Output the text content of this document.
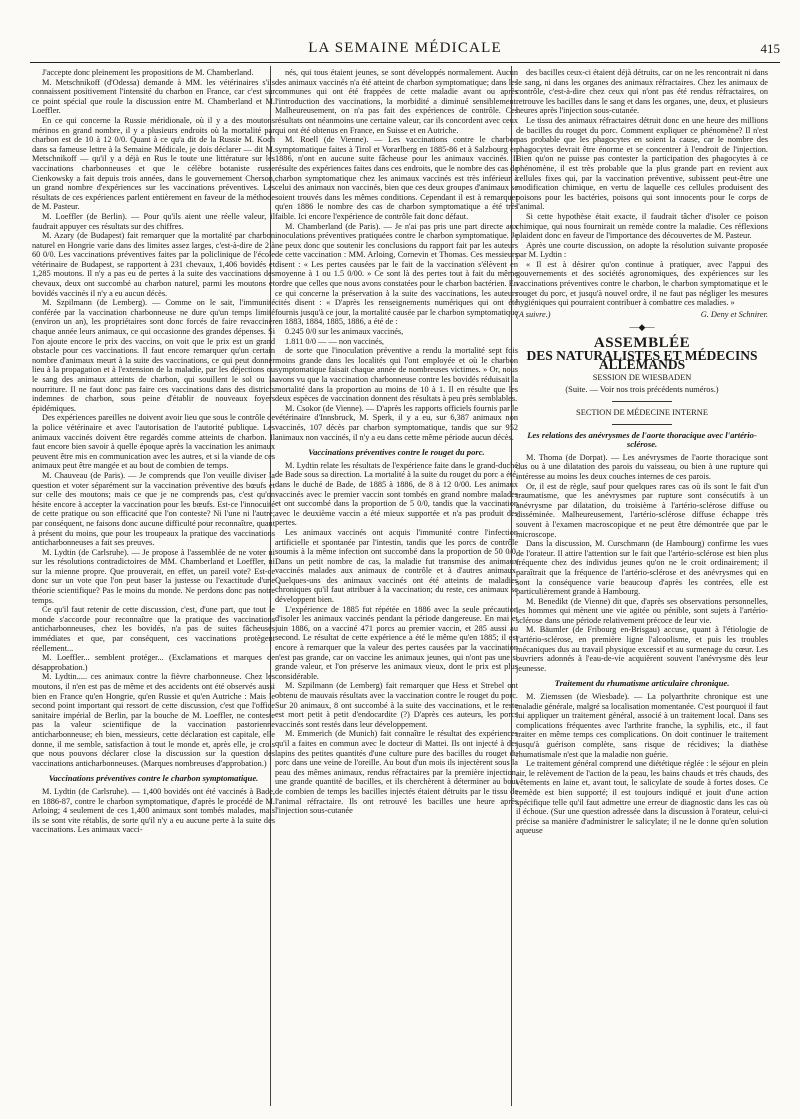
LA SEMAINE MÉDICALE	415

J'accepte donc pleinement les propositions de M. Chamberland.

M. Metschnikoff (d'Odessa) demande à MM. les vétérinaires s'ils connaissent positivement l'intensité du charbon en France, car c'est sur ce point spécial que roule la discussion entre M. Chamberland et M. Loeffler.

En ce qui concerne la Russie méridionale, où il y a des moutons mérinos en grand nombre, il y a plusieurs endroits où la mortalité par charbon est de 10 à 12 0/0. Quant à ce qu'a dit de la Russie M. Koch dans sa fameuse lettre à la Semaine Médicale, je dois déclarer — dit M. Metschnikoff — qu'il y a déjà en Rus le toute une littérature sur les vaccinations charbonneuses et que le célèbre botaniste russe Cienkowsky a fait depuis trois années, dans le gouvernement Cherson, un grand nombre d'expériences sur les vaccinations préventives. Les résultats de ces expériences parlent entièrement en faveur de la méthode de M. Pasteur.

M. Loeffler (de Berlin). — Pour qu'ils aient une réelle valeur, il faudrait appuyer ces résultats sur des chiffres.

M. Azary (de Budapest) fait remarquer que la mortalité par charbon naturel en Hongrie varie dans des limites assez larges, c'est-à-dire de 2 à 60 0/0. Les vaccinations préventives faites par la policlinique de l'école vétérinaire de Budapest, se rapportent à 231 chevaux, 1,406 bovidés et 1,285 moutons. Il n'y a pas eu de pertes à la suite des vaccinations des chevaux, deux ont succombé au charbon naturel, parmi les moutons et bovidés vaccinés il n'y a eu aucun décès.

M. Szpilmann (de Lemberg). — Comme on le sait, l'immunité conférée par la vaccination charbonneuse ne dure qu'un temps limité (environ un an), les propriétaires sont donc forcés de faire revacciner chaque année leurs animaux, ce qui occasionne des grandes dépenses. Si l'on ajoute encore le prix des vaccins, on voit que le prix est un grand obstacle pour ces vaccinations. Il faut encore remarquer qu'un certain nombre d'animaux meurt à la suite des vaccinations, ce qui peut donner lieu à la propagation et à l'extension de la maladie, par les déjections ou le sang des animaux atteints de charbon, qui souillent le sol ou la nourriture. Il ne faut donc pas faire ces vaccinations dans des districts indemnes de charbon, sous peine d'établir de nouveaux foyers épidémiques.

Des expériences pareilles ne doivent avoir lieu que sous le contrôle de la police vétérinaire et avec l'autorisation de l'autorité publique. Les animaux vaccinés doivent être regardés comme atteints de charbon. Il faut encore bien savoir à quelle époque après la vaccination les animaux peuvent être mis en communication avec les autres, et si la viande de ces animaux peut être mangée et au bout de combien de temps.

M. Chauveau (de Paris). — Je comprends que l'on veuille diviser la question et voter séparément sur la vaccination préventive des bœufs et sur celle des moutons; mais ce que je ne comprends pas, c'est qu'on hésite encore à accepter la vaccination pour les bœufs. Est-ce l'innocuité de cette pratique ou son efficacité que l'on conteste? Ni l'une ni l'autre; par conséquent, ne faisons donc aucune difficulté pour reconnaître, quant à présent du moins, que pour les troupeaux la pratique des vaccinations anticharbonneuses a fait ses preuves.

M. Lydtin (de Carlsruhe). — Je propose à l'assemblée de ne voter ni sur les résolutions contradictoires de MM. Chamberland et Loeffler, ni sur la mienne propre. Que prouverait, en effet, un pareil vote? Est-ce donc sur un vote que l'on peut baser la justesse ou l'exactitude d'une théorie scientifique? Pas le moins du monde. Ne perdons donc pas notre temps.

Ce qu'il faut retenir de cette discussion, c'est, d'une part, que tout le monde s'accorde pour reconnaître que la pratique des vaccinations anticharbonneuses, chez les bovidés, n'a pas de suites fâcheuses immédiates et que, par conséquent, ces vaccinations protègent réellement...

M. Loeffler... semblent protéger... (Exclamations et marques de désapprobation.)

M. Lydtin..... ces animaux contre la fièvre charbonneuse. Chez les moutons, il n'en est pas de même et des accidents ont été observés aussi bien en France qu'en Hongrie, qu'en Russie et qu'en Autriche : Mais le second point important qui ressort de cette discussion, c'est que l'office sanitaire impérial de Berlin, par la bouche de M. Loeffler, ne conteste pas la valeur scientifique de la vaccination pastorienne anticharbonneuse; eh bien, messieurs, cette déclaration est capitale, elle donne, il me semble, satisfaction à tout le monde et, après elle, je crois que nous pouvons déclarer close la discussion sur la question des vaccinations anticharbonneuses. (Marques nombreuses d'approbation.)

Vaccinations préventives contre le charbon symptomatique.

M. Lydtin (de Carlsruhe). — 1,400 bovidés ont été vaccinés à Bade, en 1886-87, contre le charbon symptomatique, d'après le procédé de M. Arloing; 4 seulement de ces 1,400 animaux sont tombés malades, mais ils se sont vite rétablis, de sorte qu'il n'y a eu aucune perte à la suite des vaccinations. Les animaux vacci-

nés, qui tous étaient jeunes, se sont développés normalement. Aucun des animaux vaccinés n'a été atteint de charbon symptomatique; dans les communes qui ont été frappées de cette maladie avant ou après l'introduction des vaccinations, la morbidité a diminué sensiblement. Malheureusement, on n'a pas fait des expériences de contrôle. Ces résultats ont néanmoins une certaine valeur, car ils concordent avec ceux qui ont été obtenus en France, en Suisse et en Autriche.

M. Roell (de Vienne). — Les vaccinations contre le charbon symptomatique faites à Tirol et Vorarlberg en 1885-86 et à Salzbourg en 1886, n'ont en aucune suite fâcheuse pour les animaux vaccinés. Il résulte des expériences faites dans ces endroits, que le nombre des cas de charbon symptomatique chez les animaux vaccinés est très inférieur à celui des animaux non vaccinés, bien que ces deux groupes d'animaux se soient trouvés dans les mêmes conditions. Cependant il est à remarquer qu'en 1886 le nombre des cas de charbon symptomatique a été très faible. Ici encore l'expérience de contrôle fait donc défaut.

M. Chamberland (de Paris). — Je n'ai pas pris une part directe aux inoculations préventives pratiquées contre le charbon symptomatique. Je ne peux donc que soutenir les conclusions du rapport fait par les auteurs de cette vaccination : MM. Arloing, Cornevin et Thomas. Ces messieurs disent : « Les pertes causées par le fait de la vaccination s'élèvent en moyenne à 1 ou 1.5 0/00. » Ce sont là des pertes tout à fait du même ordre que celles que nous avons constatées pour le charbon bactérien. En ce qui concerne la préservation à la suite des vaccinations, les auteurs cités disent : « D'après les renseignements numériques qui ont été fournis jusqu'à ce jour, la mortalité causée par le charbon symptomatique en 1883, 1884, 1885, 1886, a été de :

0.245 0/0 sur les animaux vaccinés,

1.811 0/0 — — non vaccinés,

de sorte que l'inoculation préventive a rendu la mortalité sept fois moins grande dans les localités qui l'ont employée et où le charbon symptomatique faisait chaque année de nombreuses victimes. » Or, nous avons vu que la vaccination charbonneuse contre les bovidés réduisait la mortalité dans la proportion au moins de 10 à 1. Il en résulte que les deux espèces de vaccination donnent des résultats à peu près semblables.

M. Csokor (de Vienne). — D'après les rapports officiels fournis par le vétérinaire d'Innsbruck, M. Sperk, il y a eu, sur 6,387 animaux non vaccinés, 107 décès par charbon symptomatique, tandis que sur 952 animaux non vaccinés, il n'y a eu dans cette même période aucun décès.

Vaccinations préventives contre le rouget du porc.

M. Lydtin relate les résultats de l'expérience faite dans le grand-duché de Bade sous sa direction. La mortalité à la suite du rouget du porc a été, dans le duché de Bade, de 1885 à 1886, de 8 à 12 0/00. Les animaux vaccinés avec le premier vaccin sont tombés en grand nombre malades et ont succombé dans la proportion de 5 0/0, tandis que la vaccination avec le deuxième vaccin a été mieux supportée et n'a pas produit des pertes.

Les animaux vaccinés ont acquis l'immunité contre l'infection artificielle et spontanée par l'intestin, tandis que les porcs de contrôle soumis à la même infection ont succombé dans la proportion de 50 0/0. Dans un petit nombre de cas, la maladie fut transmise des animaux vaccinés malades aux animaux de contrôle et à d'autres animaux. Quelques-uns des animaux vaccinés ont été atteints de maladies chroniques qu'il faut attribuer à la vaccination; du reste, ces animaux se développent bien.

L'expérience de 1885 fut répétée en 1886 avec la seule précaution d'isoler les animaux vaccinés pendant la période dangereuse. En mai et juin 1886, on a vacciné 471 porcs au premier vaccin, et 285 aussi au second. Le résultat de cette expérience a été le même qu'en 1885; il est encore à remarquer que la valeur des pertes causées par la vaccination n'est pas grande, car on vaccine les animaux jeunes, qui n'ont pas une si grande valeur, et l'on préserve les animaux vieux, dont le prix est plus considérable.

M. Szpilmann (de Lemberg) fait remarquer que Hess et Strebel ont obtenu de mauvais résultats avec la vaccination contre le rouget du porc. Sur 20 animaux, 8 ont succombé à la suite des vaccinations, et le reste est mort petit à petit d'endocardite (?) D'après ces auteurs, les porcs vaccinés sont restés dans leur développement.

M. Emmerich (de Munich) fait connaître le résultat des expériences qu'il a faites en commun avec le docteur di Mattei. Ils ont injecté à des lapins des petites quantités d'une culture pure des bacilles du rouget du porc dans une veine de l'oreille. Au bout d'un mois ils injectèrent sous la peau des mêmes animaux, rendus réfractaires par la première injection, une grande quantité de bacilles, et ils cherchèrent à déterminer au bout de combien de temps les bacilles injectés étaient détruits par le tissu de l'animal réfractaire. Ils ont retrouvé les bacilles une heure après l'injection sous-cutanée

des bacilles ceux-ci étaient déjà détruits, car on ne les rencontrait ni dans le sang, ni dans les organes des animaux réfractaires. Chez les animaux de contrôle, c'est-à-dire chez ceux qui n'ont pas été rendus réfractaires, on retrouve les bacilles dans le sang et dans les organes, une, deux, et plusieurs heures après l'injection sous-cutanée.

Le tissu des animaux réfractaires détruit donc en une heure des millions de bacilles du rouget du porc. Comment expliquer ce phénomène? Il n'est pas probable que les phagocytes en soient la cause, car le nombre des phagocytes devrait être énorme et se concentrer à l'endroit de l'injection. Bien qu'on ne puisse pas contester la participation des phagocytes à ce phénomène, il est très probable que la plus grande part en revient aux cellules fixes qui, par la vaccination préventive, subissent peut-être une modification chimique, en vertu de laquelle ces cellules produisent des poisons pour les bactéries, poisons qui sont innocents pour le corps de l'animal.

Si cette hypothèse était exacte, il faudrait tâcher d'isoler ce poison chimique, qui nous fournirait un remède contre la maladie. Ces réflexions plaident donc en faveur de l'importance des découvertes de M. Pasteur.

Après une courte discussion, on adopte la résolution suivante proposée par M. Lydtin :

« Il est à désirer qu'on continue à pratiquer, avec l'appui des gouvernements et des sociétés agronomiques, des expériences sur les vaccinations préventives contre le charbon, le charbon symptomatique et le rouget du porc, et jusqu'à nouvel ordre, il ne faut pas négliger les mesures hygiéniques qui pourraient contribuer à combattre ces maladies. »

(A suivre.)	G. Deny et Schnirer.
—◆—
ASSEMBLÉE
DES NATURALISTES ET MÉDECINS ALLEMANDS
SESSION DE WIESBADEN
(Suite. — Voir nos trois précédents numéros.)
SECTION DE MÉDECINE INTERNE
Les relations des anévrysmes de l'aorte thoracique avec l'artério-sclérose.

M. Thoma (de Dorpat). — Les anévrysmes de l'aorte thoracique sont dus ou à une dilatation des parois du vaisseau, ou bien à une rupture qui intéresse au moins les deux couches internes de ces parois.

Or, il est de règle, sauf pour quelques rares cas où ils sont le fait d'un traumatisme, que les anévrysmes par rupture sont consécutifs à un anévrysme par dilatation, du troisième à l'artério-sclérose diffuse ou disséminée. Malheureusement, l'artério-sclérose diffuse échappe très souvent à l'examen macroscopique et ne peut être démontrée que par le microscope.

Dans la discussion, M. Curschmann (de Hambourg) confirme les vues de l'orateur. Il attire l'attention sur le fait que l'artério-sclérose est bien plus fréquente chez des individus jeunes qu'on ne le croit ordinairement; il paraîtrait que la fréquence de l'artério-sclérose et des anévrysmes qui en sont la conséquence varie beaucoup d'après les contrées, elle est particulièrement grande à Hambourg.

M. Benedikt (de Vienne) dit que, d'après ses observations personnelles, les hommes qui mènent une vie agitée ou pénible, sont sujets à l'artério-sclérose dans une période relativement précoce de leur vie.

M. Bäumler (de Fribourg en-Brisgau) accuse, quant à l'étiologie de l'artério-sclérose, en première ligne l'alcoolisme, et puis les troubles mécaniques dus au travail physique excessif et au surmenage du cœur. Les ouvriers adonnés à l'eau-de-vie acquièrent souvent l'anévrysme dès leur jeunesse.

Traitement du rhumatisme articulaire chronique.

M. Ziemssen (de Wiesbade). — La polyarthrite chronique est une maladie générale, malgré sa localisation momentanée. C'est pourquoi il faut lui appliquer un traitement général, associé à un traitement local. Dans ses complications fréquentes avec l'arthrite franche, la syphilis, etc., il faut traiter en même temps ces complications. On doit continuer le traitement jusqu'à guérison complète, sans risque de récidives; la diathèse rhumatismale n'est que la maladie non guérie.

Le traitement général comprend une diététique réglée : le séjour en plein air, le relèvement de l'action de la peau, les bains chauds et très chauds, des vêtements en laine et, avant tout, le salicylate de soude à fortes doses. Ce remède est bien supporté; il est toujours indiqué et jouit d'une action spécifique telle qu'il faut admettre une erreur de diagnostic dans les cas où il échoue. (Sur une question adressée dans la discussion à l'orateur, celui-ci précise sa manière d'administrer le salicylate; il ne le donne qu'en solution aqueuse
